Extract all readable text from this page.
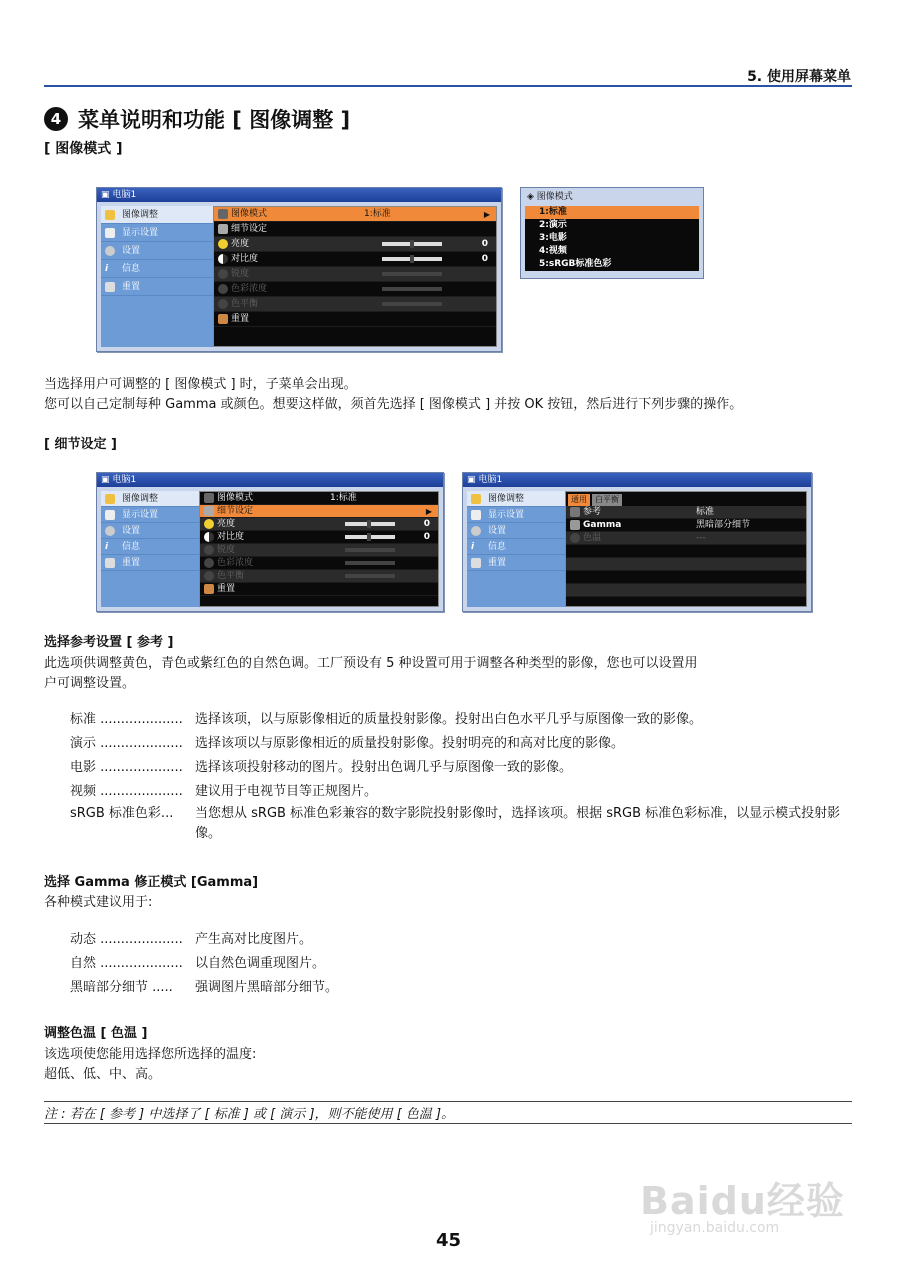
5. 使用屏幕菜单
4 菜单说明和功能 [ 图像调整 ]
[ 图像模式 ]
▣ 电脑1
图像调整
显示设置
设置
i	信息
重置
图像模式	1:标准	▶
细节设定
亮度	0
对比度	0
锐度
色彩浓度
色平衡
重置
◈ 图像模式
1:标准
2:演示
3:电影
4:视频
5:sRGB标准色彩
当选择用户可调整的 [ 图像模式 ] 时，子菜单会出现。
您可以自己定制每种 Gamma 或颜色。想要这样做，须首先选择 [ 图像模式 ] 并按 OK 按钮，然后进行下列步骤的操作。
[ 细节设定 ]
▣ 电脑1
图像调整
显示设置
设置
i	信息
重置
图像模式	1:标准
细节设定	▶
亮度	0
对比度	0
锐度
色彩浓度
色平衡
重置
▣ 电脑1
图像调整
显示设置
设置
i	信息
重置
通用	白平衡
参考	标准
Gamma	黑暗部分细节
色温	---
选择参考设置 [ 参考 ]
此选项供调整黄色，青色或紫红色的自然色调。工厂预设有 5 种设置可用于调整各种类型的影像，您也可以设置用
户可调整设置。
标准 .................... 选择该项，以与原影像相近的质量投射影像。投射出白色水平几乎与原图像一致的影像。
演示 .................... 选择该项以与原影像相近的质量投射影像。投射明亮的和高对比度的影像。
电影 .................... 选择该项投射移动的图片。投射出色调几乎与原图像一致的影像。
视频 .................... 建议用于电视节目等正规图片。
sRGB 标准色彩...	当您想从 sRGB 标准色彩兼容的数字影院投射影像时，选择该项。根据 sRGB 标准色彩标准，以显示模式投射影像。
选择 Gamma 修正模式 [Gamma]
各种模式建议用于:
动态 .................... 产生高对比度图片。
自然 .................... 以自然色调重现图片。
黑暗部分细节 .....	强调图片黑暗部分细节。
调整色温 [ 色温 ]
该选项使您能用选择您所选择的温度:
超低、低、中、高。
注 : 若在 [ 参考 ] 中选择了 [ 标准 ] 或 [ 演示 ]，则不能使用 [ 色温 ]。
Baidu经验
jingyan.baidu.com
45
